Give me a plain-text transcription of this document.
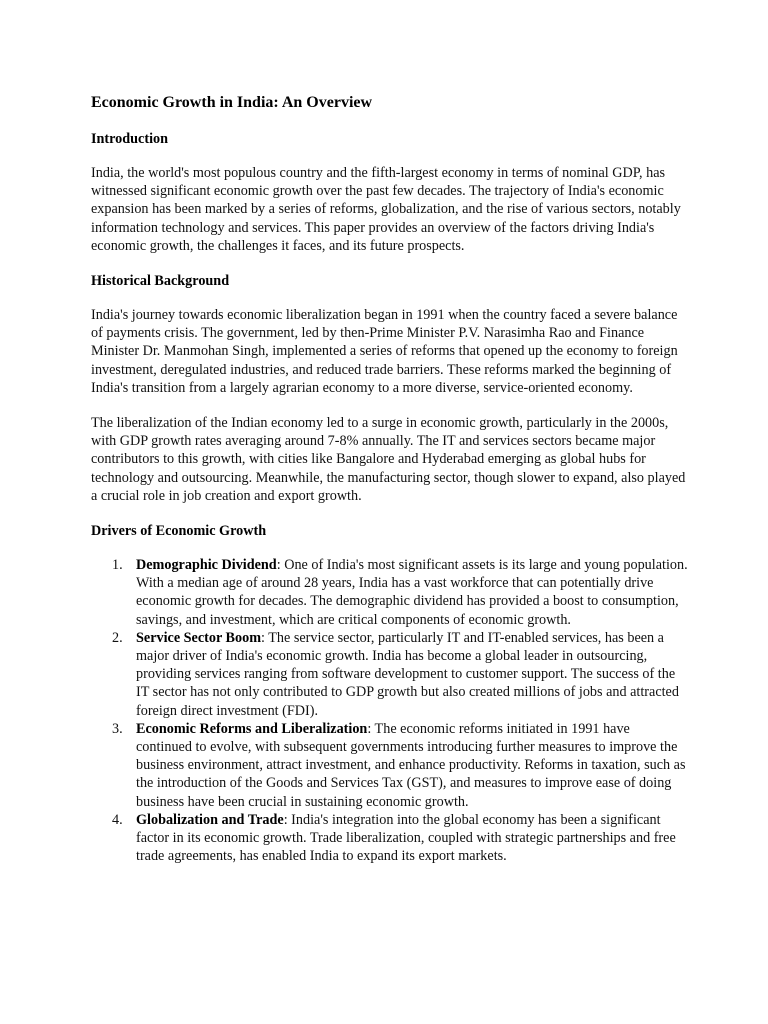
Economic Growth in India: An Overview
Introduction

India, the world's most populous country and the fifth-largest economy in terms of nominal GDP, has witnessed significant economic growth over the past few decades. The trajectory of India's economic expansion has been marked by a series of reforms, globalization, and the rise of various sectors, notably information technology and services. This paper provides an overview of the factors driving India's economic growth, the challenges it faces, and its future prospects.

Historical Background

India's journey towards economic liberalization began in 1991 when the country faced a severe balance of payments crisis. The government, led by then-Prime Minister P.V. Narasimha Rao and Finance Minister Dr. Manmohan Singh, implemented a series of reforms that opened up the economy to foreign investment, deregulated industries, and reduced trade barriers. These reforms marked the beginning of India's transition from a largely agrarian economy to a more diverse, service-oriented economy.

The liberalization of the Indian economy led to a surge in economic growth, particularly in the 2000s, with GDP growth rates averaging around 7-8% annually. The IT and services sectors became major contributors to this growth, with cities like Bangalore and Hyderabad emerging as global hubs for technology and outsourcing. Meanwhile, the manufacturing sector, though slower to expand, also played a crucial role in job creation and export growth.

Drivers of Economic Growth
1. Demographic Dividend: One of India's most significant assets is its large and young population. With a median age of around 28 years, India has a vast workforce that can potentially drive economic growth for decades. The demographic dividend has provided a boost to consumption, savings, and investment, which are critical components of economic growth.
2. Service Sector Boom: The service sector, particularly IT and IT-enabled services, has been a major driver of India's economic growth. India has become a global leader in outsourcing, providing services ranging from software development to customer support. The success of the IT sector has not only contributed to GDP growth but also created millions of jobs and attracted foreign direct investment (FDI).
3. Economic Reforms and Liberalization: The economic reforms initiated in 1991 have continued to evolve, with subsequent governments introducing further measures to improve the business environment, attract investment, and enhance productivity. Reforms in taxation, such as the introduction of the Goods and Services Tax (GST), and measures to improve ease of doing business have been crucial in sustaining economic growth.
4. Globalization and Trade: India's integration into the global economy has been a significant factor in its economic growth. Trade liberalization, coupled with strategic partnerships and free trade agreements, has enabled India to expand its export markets.
